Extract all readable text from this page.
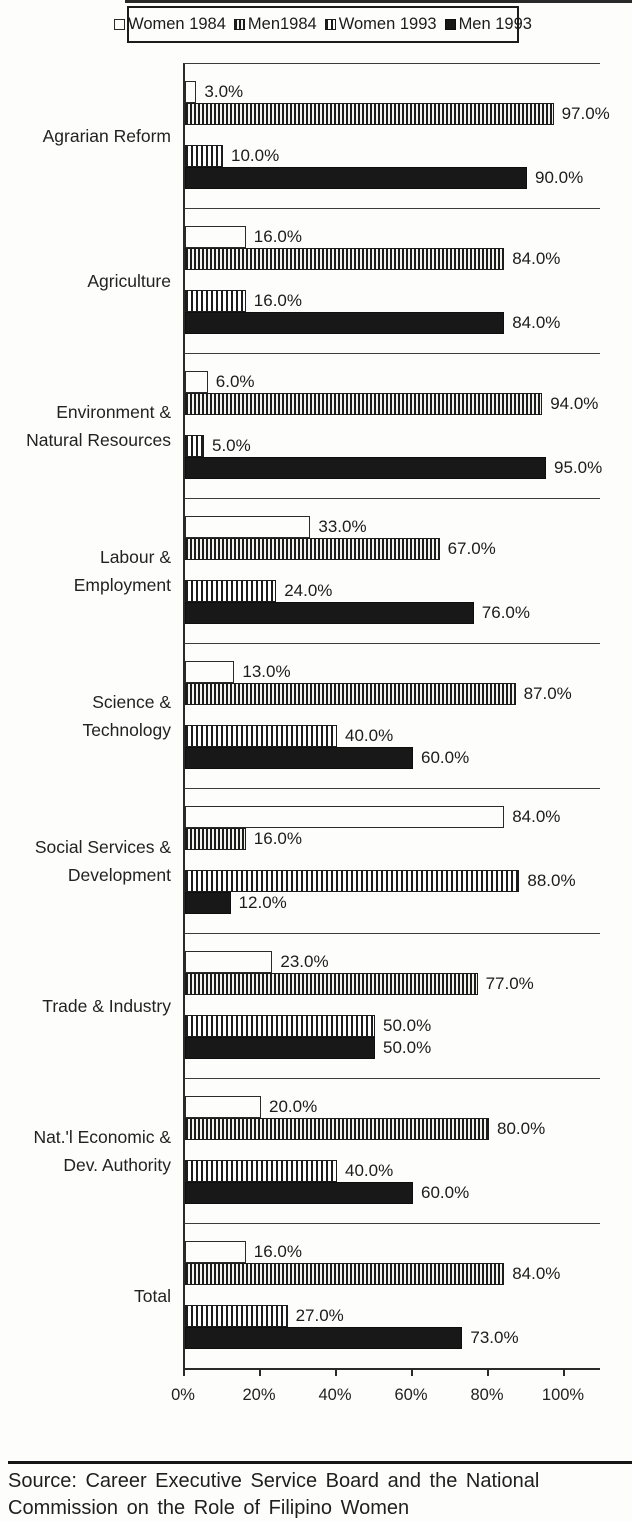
Women 1984 Men1984 Women 1993 Men 1993
Agrarian Reform
3.0%
97.0%
10.0%
90.0%
Agriculture
16.0%
84.0%
16.0%
84.0%
Environment &
Natural Resources
6.0%
94.0%
5.0%
95.0%
Labour &
Employment
33.0%
67.0%
24.0%
76.0%
Science &
Technology
13.0%
87.0%
40.0%
60.0%
Social Services &
Development
84.0%
16.0%
88.0%
12.0%
Trade & Industry
23.0%
77.0%
50.0%
50.0%
Nat.'l Economic &
Dev. Authority
20.0%
80.0%
40.0%
60.0%
Total
16.0%
84.0%
27.0%
73.0%
0%	20%	40%	60%	80%	100%
Source: Career Executive Service Board and the National
Commission on the Role of Filipino Women
